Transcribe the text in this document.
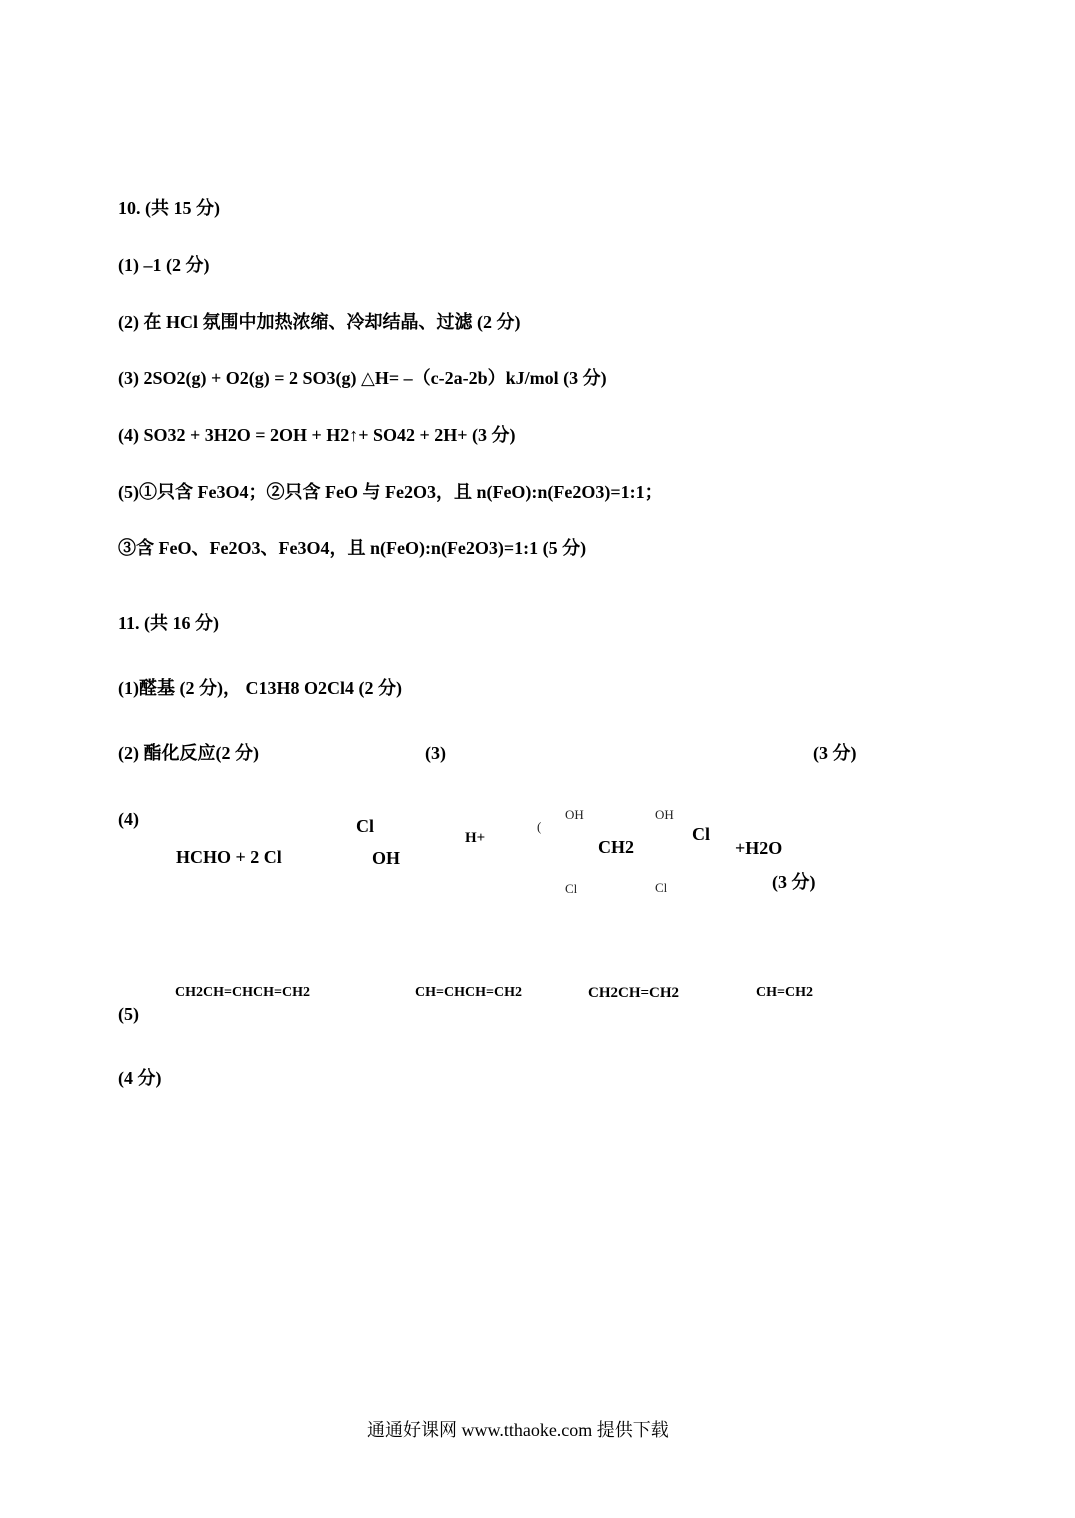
10. (共 15 分)
(1) –1 (2 分)
(2) 在 HCl 氛围中加热浓缩、冷却结晶、过滤 (2 分)
(3) 2SO2(g) + O2(g) = 2 SO3(g) △H= –（c-2a-2b）kJ/mol (3 分)
(4) SO32 + 3H2O = 2OH + H2↑+ SO42 + 2H+ (3 分)
(5)①只含 Fe3O4；②只含 FeO 与 Fe2O3，且 n(FeO):n(Fe2O3)=1:1；
③含 FeO、Fe2O3、Fe3O4，且 n(FeO):n(Fe2O3)=1:1 (5 分)
11. (共 16 分)
(1)醛基 (2 分)， C13H8 O2Cl4 (2 分)
(2) 酯化反应(2 分)	(3)	(3 分)
(4)
HCHO + 2 Cl
Cl
OH
H+
(
OH	OH
CH2
Cl
+H2O
Cl	Cl	(3 分)
CH2CH=CHCH=CH2	CH=CHCH=CH2	CH2CH=CH2	CH=CH2
(5)
(4 分)
通通好课网 www.tthaoke.com 提供下载
